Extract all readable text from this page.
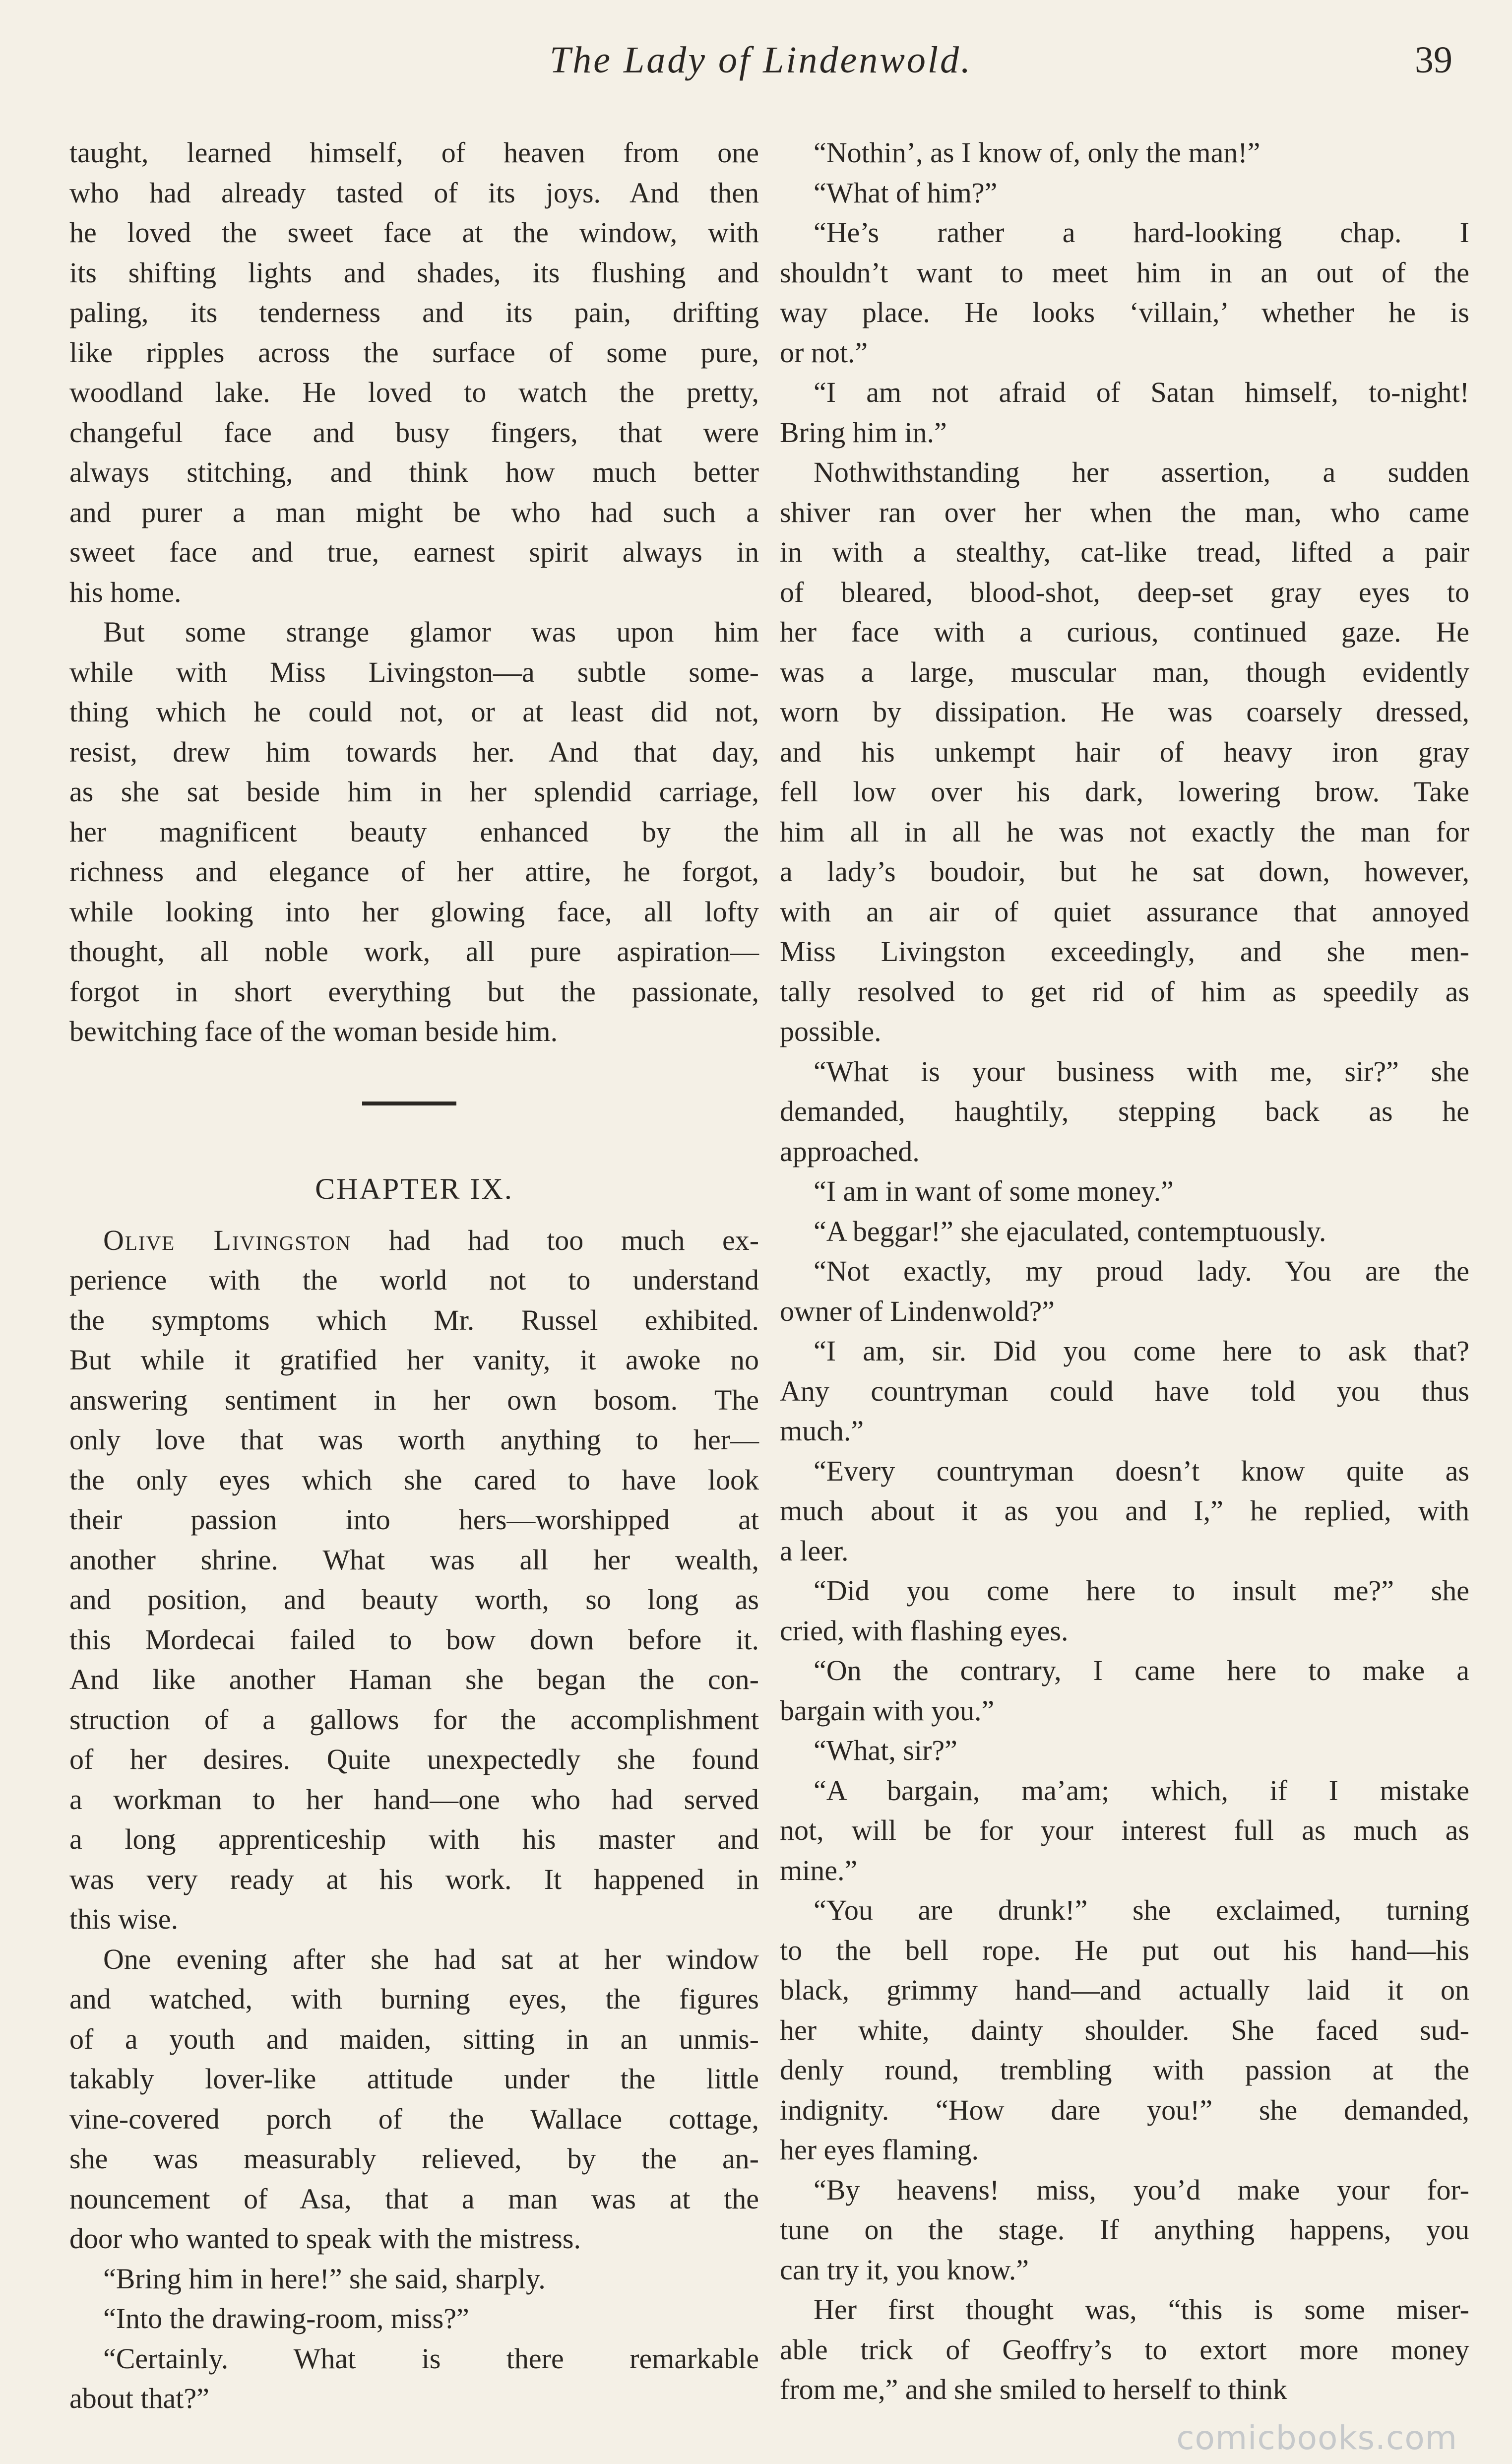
The Lady of Lindenwold.	39

taught, learned himself, of heaven from one
who had already tasted of its joys. And then
he loved the sweet face at the window, with
its shifting lights and shades, its flushing and
paling, its tenderness and its pain, drifting
like ripples across the surface of some pure,
woodland lake. He loved to watch the pretty,
changeful face and busy fingers, that were
always stitching, and think how much better
and purer a man might be who had such a
sweet face and true, earnest spirit always in
his home.

But some strange glamor was upon him
while with Miss Livingston—a subtle some-
thing which he could not, or at least did not,
resist, drew him towards her. And that day,
as she sat beside him in her splendid carriage,
her magnificent beauty enhanced by the
richness and elegance of her attire, he forgot,
while looking into her glowing face, all lofty
thought, all noble work, all pure aspiration—
forgot in short everything but the passionate,
bewitching face of the woman beside him.

CHAPTER IX.

Olive Livingston had had too much ex-
perience with the world not to understand
the symptoms which Mr. Russel exhibited.
But while it gratified her vanity, it awoke no
answering sentiment in her own bosom. The
only love that was worth anything to her—
the only eyes which she cared to have look
their passion into hers—worshipped at
another shrine. What was all her wealth,
and position, and beauty worth, so long as
this Mordecai failed to bow down before it.
And like another Haman she began the con-
struction of a gallows for the accomplishment
of her desires. Quite unexpectedly she found
a workman to her hand—one who had served
a long apprenticeship with his master and
was very ready at his work. It happened in
this wise.

One evening after she had sat at her window
and watched, with burning eyes, the figures
of a youth and maiden, sitting in an unmis-
takably lover-like attitude under the little
vine-covered porch of the Wallace cottage,
she was measurably relieved, by the an-
nouncement of Asa, that a man was at the
door who wanted to speak with the mistress.

“Bring him in here!” she said, sharply.

“Into the drawing-room, miss?”

“Certainly. What is there remarkable
about that?”

“Nothin’, as I know of, only the man!”

“What of him?”

“He’s rather a hard-looking chap. I
shouldn’t want to meet him in an out of the
way place. He looks ‘villain,’ whether he is
or not.”

“I am not afraid of Satan himself, to-night!
Bring him in.”

Nothwithstanding her assertion, a sudden
shiver ran over her when the man, who came
in with a stealthy, cat-like tread, lifted a pair
of bleared, blood-shot, deep-set gray eyes to
her face with a curious, continued gaze. He
was a large, muscular man, though evidently
worn by dissipation. He was coarsely dressed,
and his unkempt hair of heavy iron gray
fell low over his dark, lowering brow. Take
him all in all he was not exactly the man for
a lady’s boudoir, but he sat down, however,
with an air of quiet assurance that annoyed
Miss Livingston exceedingly, and she men-
tally resolved to get rid of him as speedily as
possible.

“What is your business with me, sir?” she
demanded, haughtily, stepping back as he
approached.

“I am in want of some money.”

“A beggar!” she ejaculated, contemptuously.

“Not exactly, my proud lady. You are the
owner of Lindenwold?”

“I am, sir. Did you come here to ask that?
Any countryman could have told you thus
much.”

“Every countryman doesn’t know quite as
much about it as you and I,” he replied, with
a leer.

“Did you come here to insult me?” she
cried, with flashing eyes.

“On the contrary, I came here to make a
bargain with you.”

“What, sir?”

“A bargain, ma’am; which, if I mistake
not, will be for your interest full as much as
mine.”

“You are drunk!” she exclaimed, turning
to the bell rope. He put out his hand—his
black, grimmy hand—and actually laid it on
her white, dainty shoulder. She faced sud-
denly round, trembling with passion at the
indignity. “How dare you!” she demanded,
her eyes flaming.

“By heavens! miss, you’d make your for-
tune on the stage. If anything happens, you
can try it, you know.”

Her first thought was, “this is some miser-
able trick of Geoffry’s to extort more money
from me,” and she smiled to herself to think

comicbooks.com
